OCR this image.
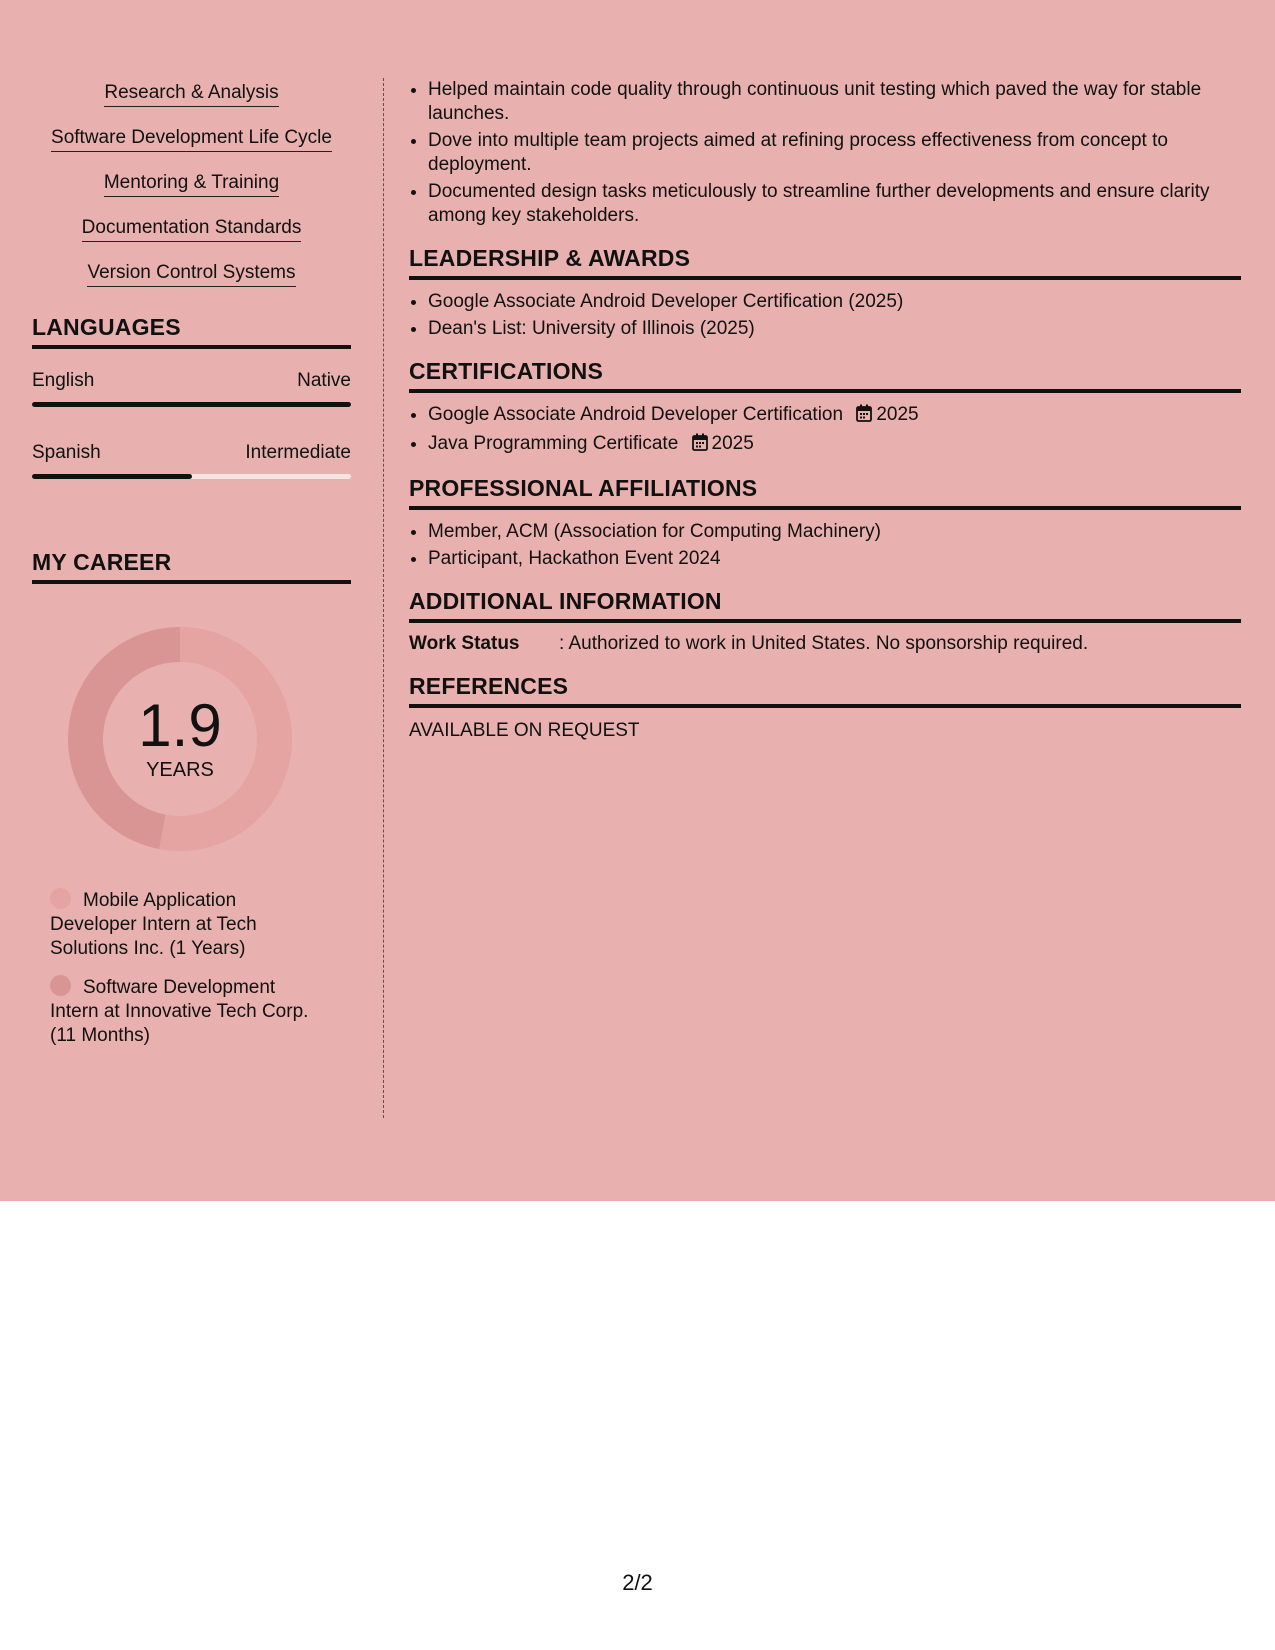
Research & Analysis
Software Development Life Cycle
Mentoring & Training
Documentation Standards
Version Control Systems
LANGUAGES
English	Native
Spanish	Intermediate
MY CAREER
1.9
YEARS
Mobile Application Developer Intern at Tech Solutions Inc. (1 Years)
Software Development Intern at Innovative Tech Corp. (11 Months)
• Helped maintain code quality through continuous unit testing which paved the way for stable launches.
• Dove into multiple team projects aimed at refining process effectiveness from concept to deployment.
• Documented design tasks meticulously to streamline further developments and ensure clarity among key stakeholders.
LEADERSHIP & AWARDS
• Google Associate Android Developer Certification (2025)
• Dean's List: University of Illinois (2025)
CERTIFICATIONS
• Google Associate Android Developer Certification 2025
• Java Programming Certificate 2025
PROFESSIONAL AFFILIATIONS
• Member, ACM (Association for Computing Machinery)
• Participant, Hackathon Event 2024
ADDITIONAL INFORMATION
Work Status : Authorized to work in United States. No sponsorship required.
REFERENCES
AVAILABLE ON REQUEST
2/2
